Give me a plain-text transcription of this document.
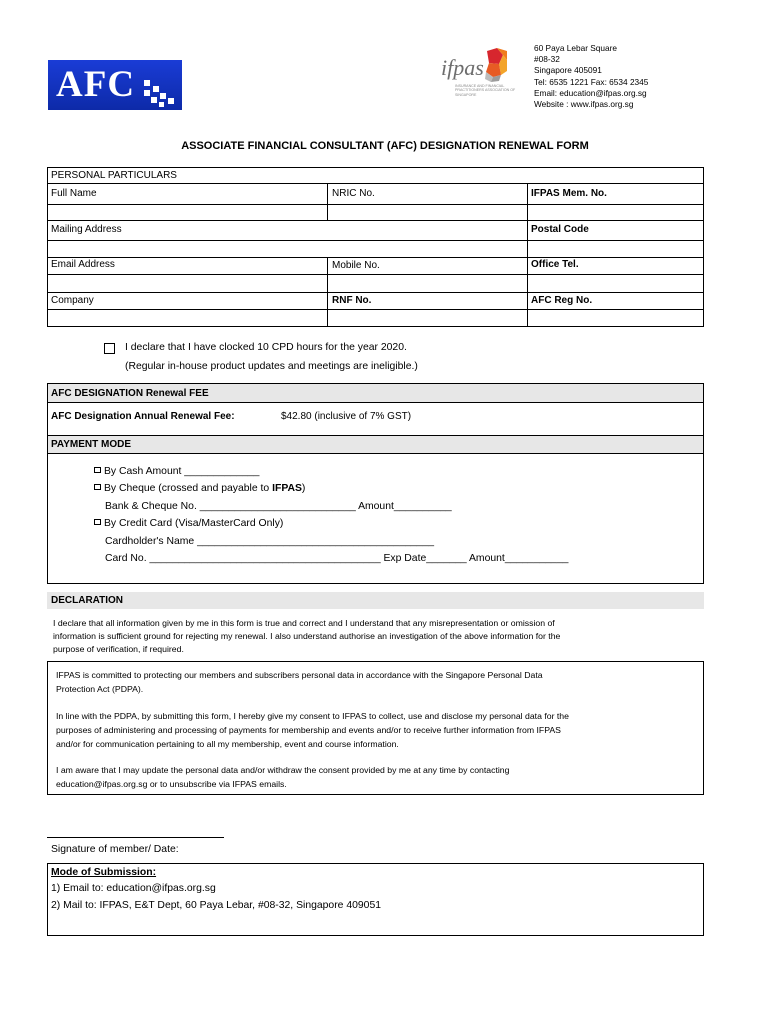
AFC	ifpas
INSURANCE AND FINANCIAL PRACTITIONERS ASSOCIATION OF SINGAPORE
60 Paya Lebar Square
#08-32
Singapore 405091
Tel: 6535 1221 Fax: 6534 2345
Email: education@ifpas.org.sg
Website : www.ifpas.org.sg
ASSOCIATE FINANCIAL CONSULTANT (AFC) DESIGNATION RENEWAL FORM
PERSONAL PARTICULARS
Full Name	NRIC No.	IFPAS Mem. No.
Mailing Address	Postal Code
Email Address	Mobile No.	Office Tel.
Company	RNF No.	AFC Reg No.
I declare that I have clocked 10 CPD hours for the year 2020.
(Regular in-house product updates and meetings are ineligible.)
AFC DESIGNATION Renewal FEE
AFC Designation Annual Renewal Fee:	$42.80 (inclusive of 7% GST)
PAYMENT MODE
By Cash Amount _____________
By Cheque (crossed and payable to IFPAS)
Bank & Cheque No. ___________________________ Amount__________
By Credit Card (Visa/MasterCard Only)
Cardholder's Name _________________________________________
Card No. ________________________________________ Exp Date_______ Amount___________
DECLARATION
I declare that all information given by me in this form is true and correct and I understand that any misrepresentation or omission of
information is sufficient ground for rejecting my renewal. I also understand authorise an investigation of the above information for the
purpose of verification, if required.
IFPAS is committed to protecting our members and subscribers personal data in accordance with the Singapore Personal Data
Protection Act (PDPA).
In line with the PDPA, by submitting this form, I hereby give my consent to IFPAS to collect, use and disclose my personal data for the
purposes of administering and processing of payments for membership and events and/or to receive further information from IFPAS
and/or for communication pertaining to all my membership, event and course information.
I am aware that I may update the personal data and/or withdraw the consent provided by me at any time by contacting
education@ifpas.org.sg or to unsubscribe via IFPAS emails.
Signature of member/ Date:
Mode of Submission:
1) Email to: education@ifpas.org.sg
2) Mail to: IFPAS, E&T Dept, 60 Paya Lebar, #08-32, Singapore 409051
